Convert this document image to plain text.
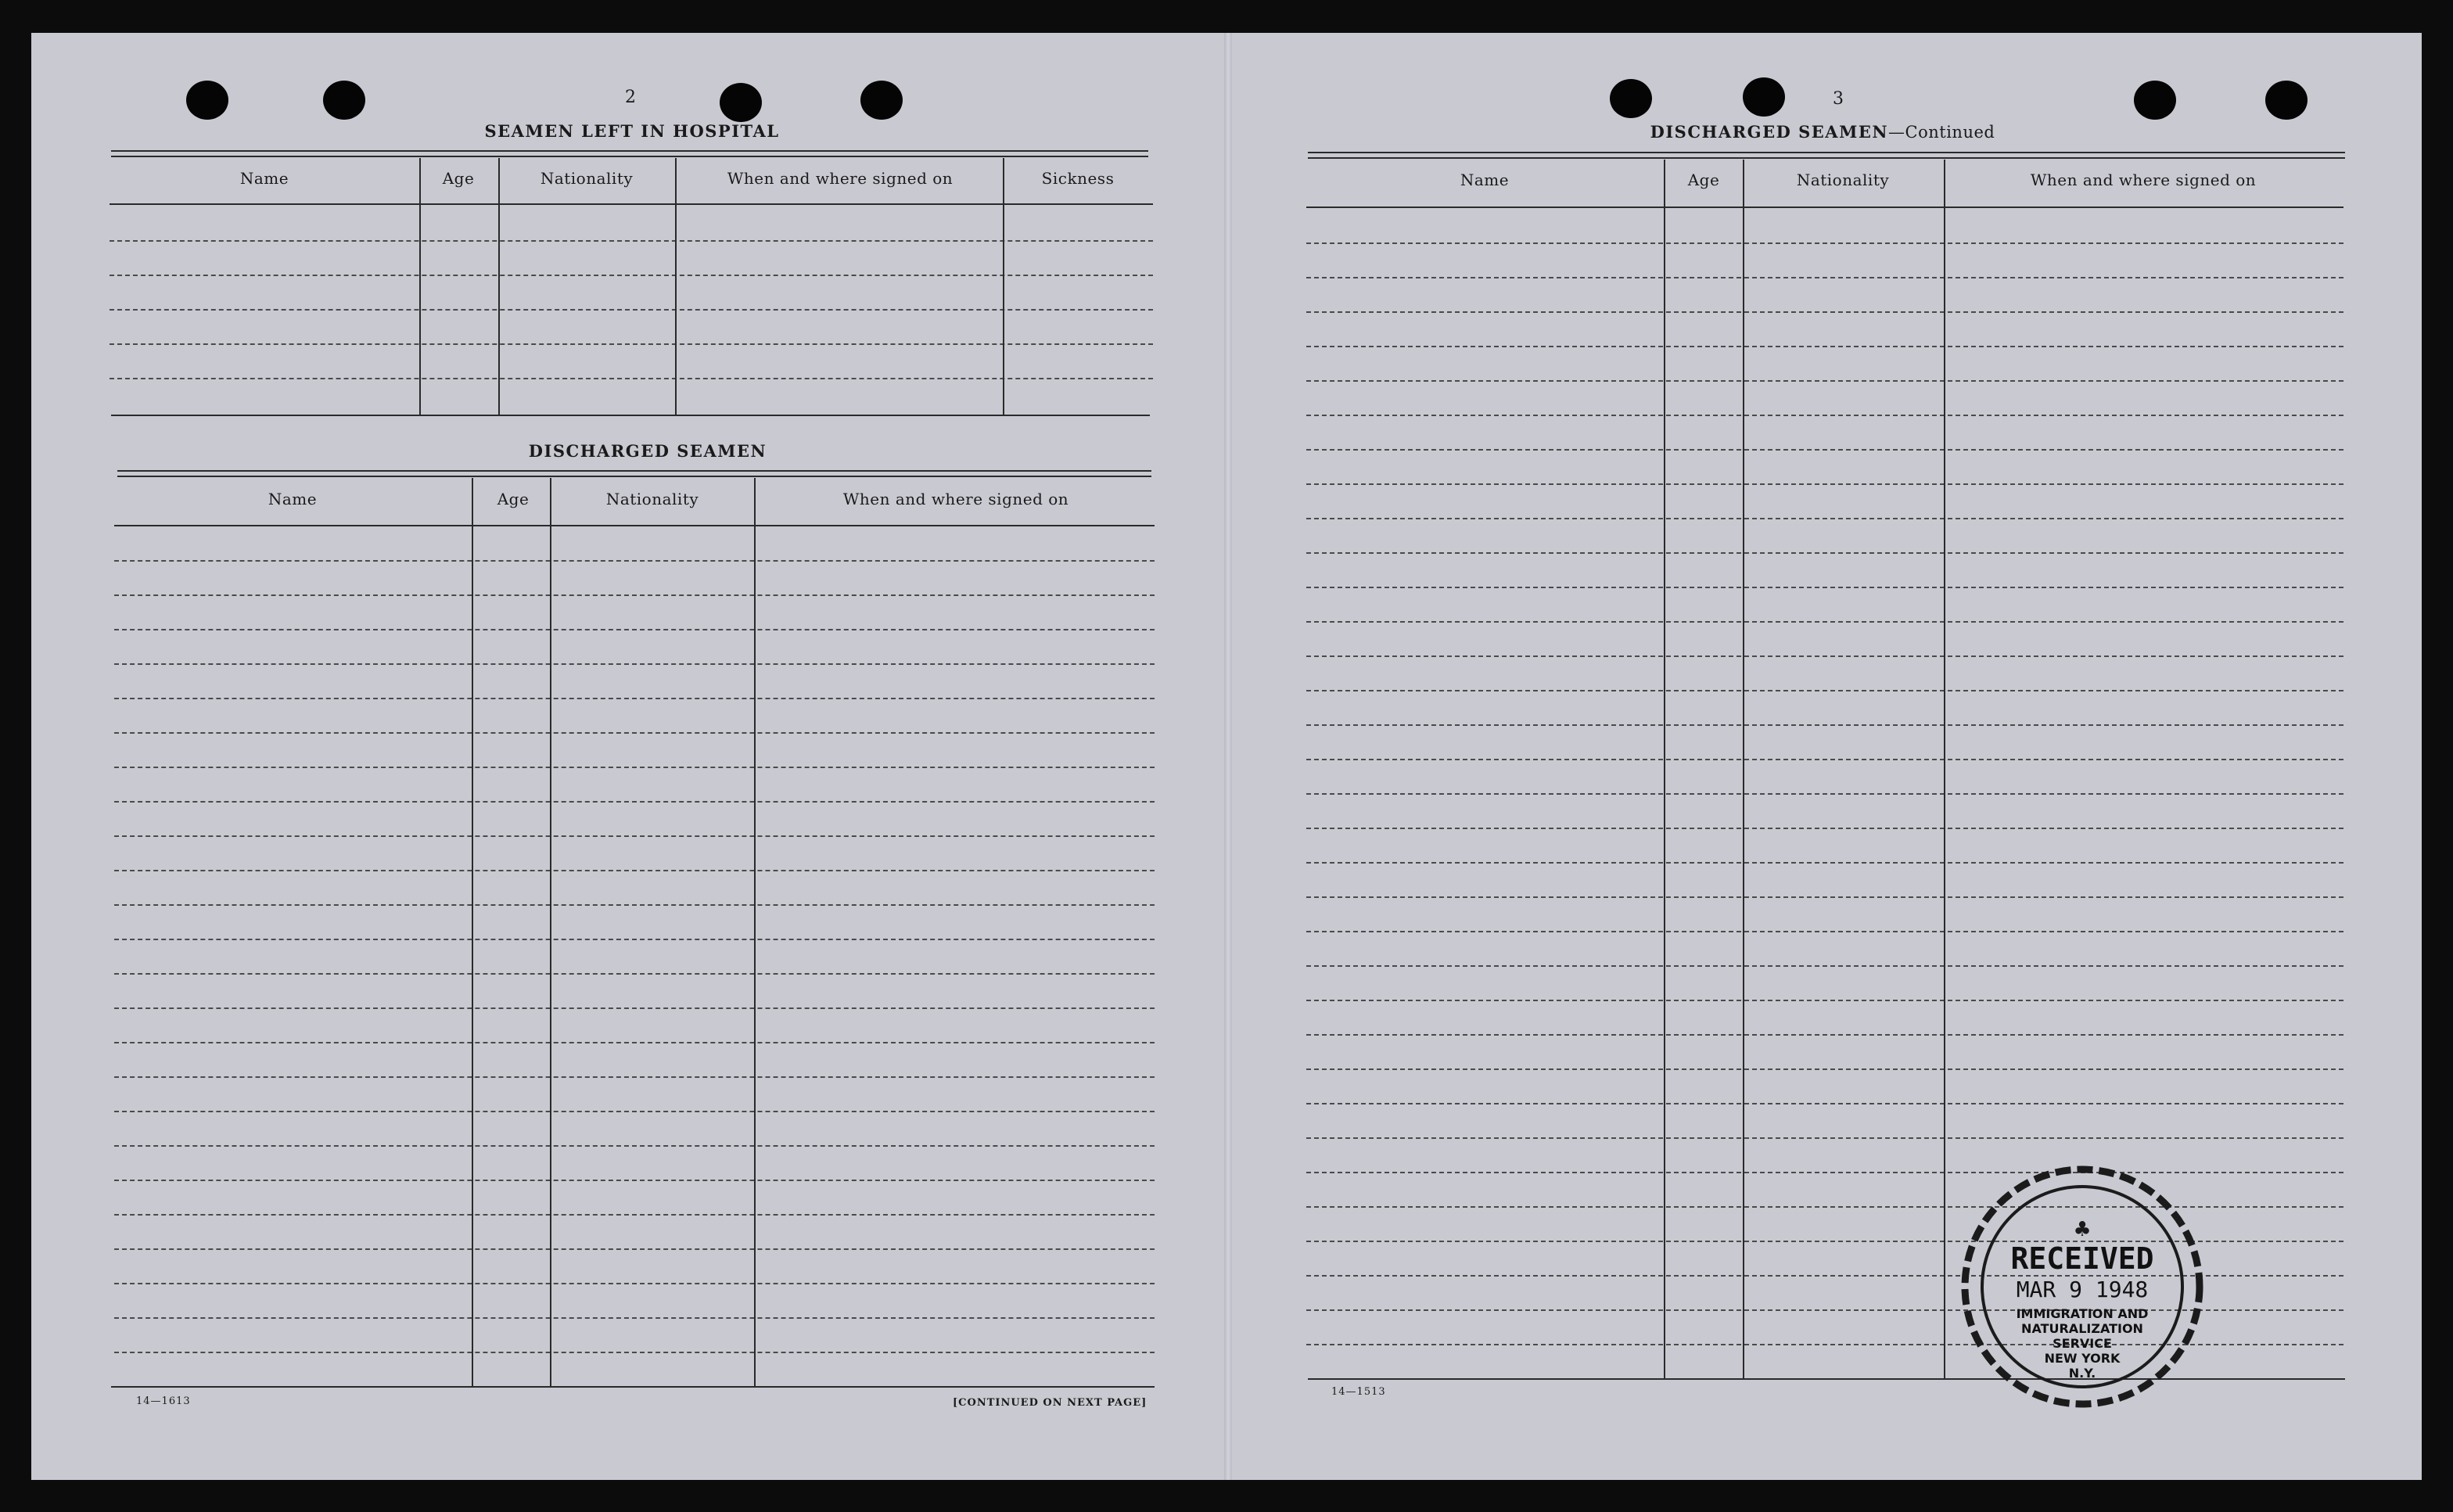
2
SEAMEN LEFT IN HOSPITAL
Name	Age	Nationality	When and where signed on	Sickness
DISCHARGED SEAMEN
Name	Age	Nationality	When and where signed on
14—1613	[CONTINUED ON NEXT PAGE]
3
DISCHARGED SEAMEN—Continued
Name	Age	Nationality	When and where signed on
14—1513
♣
RECEIVED
MAR 9 1948
IMMIGRATION AND
NATURALIZATION
SERVICE
NEW YORK
N.Y.
